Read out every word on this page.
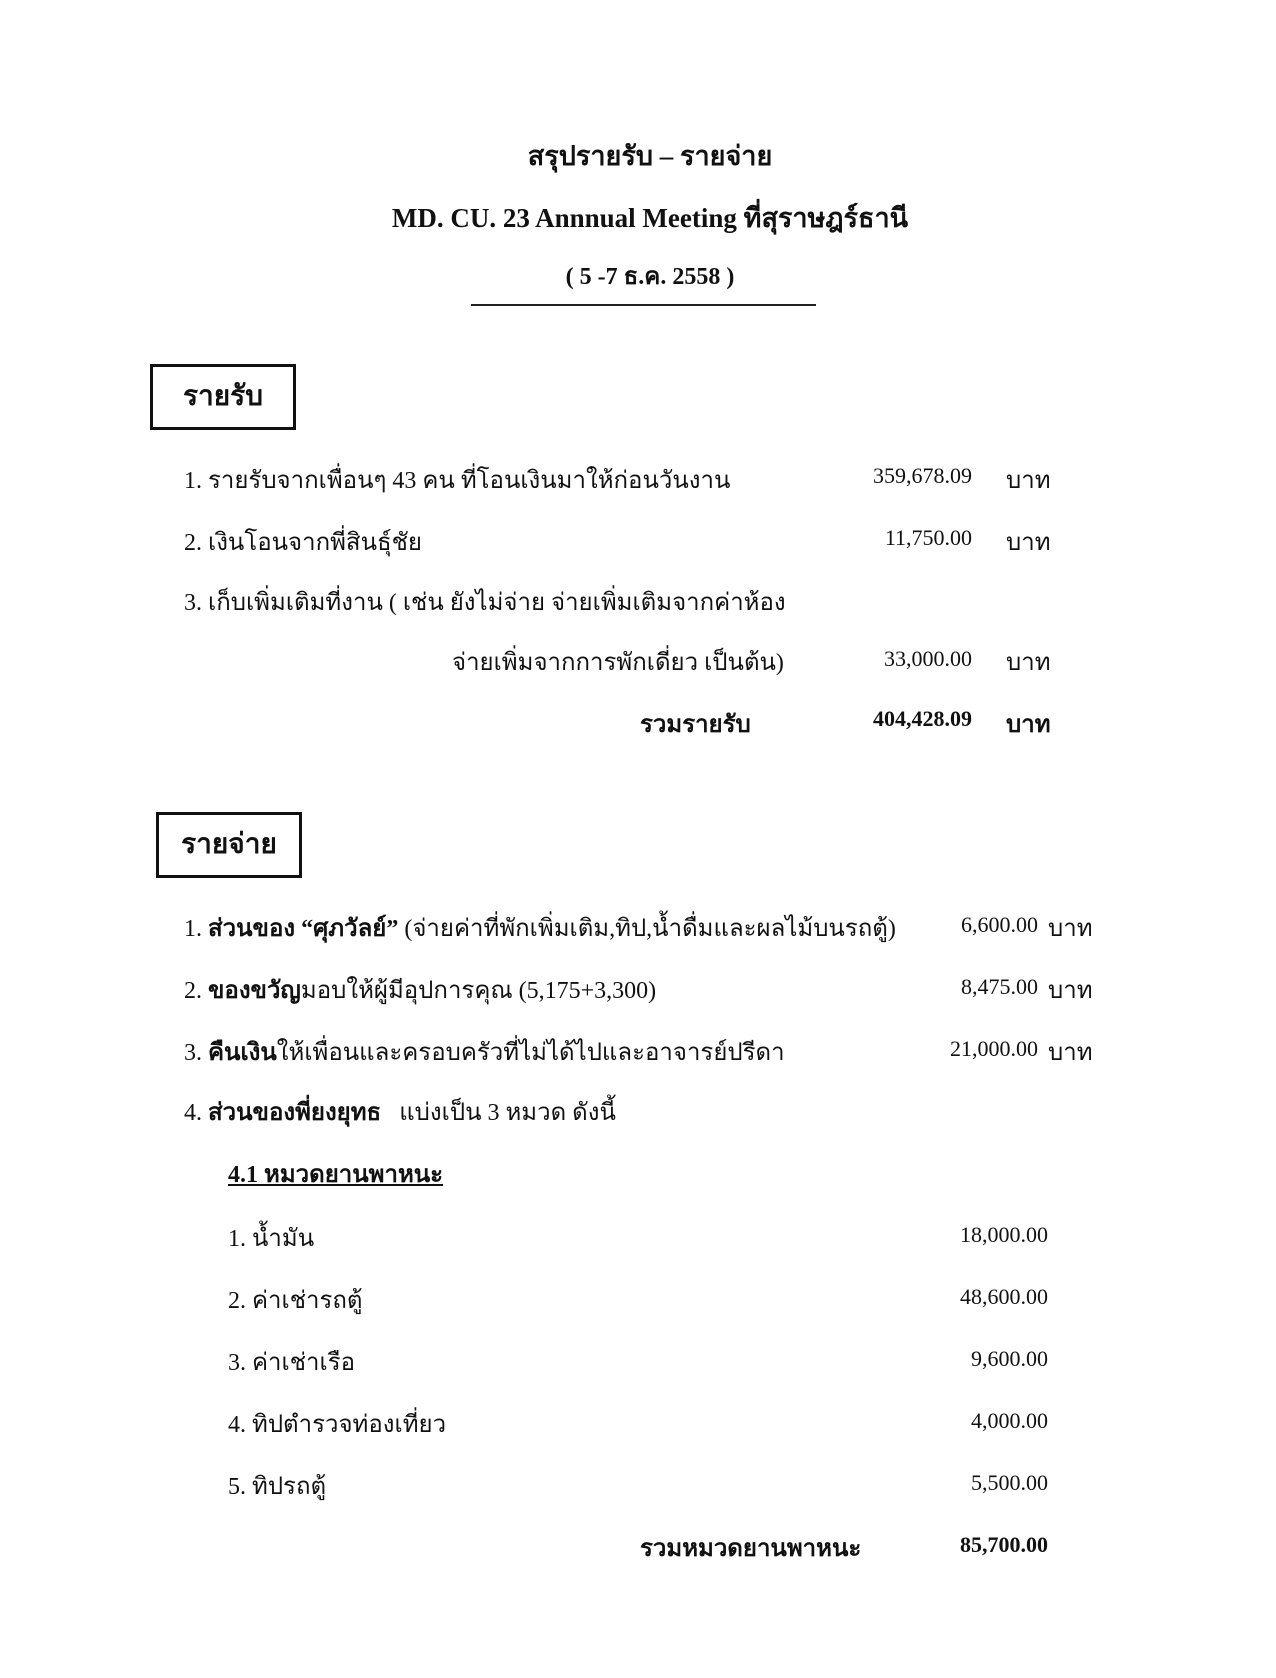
สรุปรายรับ – รายจ่าย
MD. CU. 23 Annnual Meeting ที่สุราษฎร์ธานี
( 5 -7 ธ.ค. 2558 )
รายรับ
1. รายรับจากเพื่อนๆ 43 คน ที่โอนเงินมาให้ก่อนวันงาน	359,678.09 บาท
2. เงินโอนจากพี่สินธุ์ชัย	11,750.00 บาท
3. เก็บเพิ่มเติมที่งาน ( เช่น ยังไม่จ่าย จ่ายเพิ่มเติมจากค่าห้อง
จ่ายเพิ่มจากการพักเดี่ยว เป็นต้น)	33,000.00 บาท
รวมรายรับ	404,428.09 บาท
รายจ่าย
1. ส่วนของ “ศุภวัลย์” (จ่ายค่าที่พักเพิ่มเติม,ทิป,น้ำดื่มและผลไม้บนรถตู้)	6,600.00 บาท
2. ของขวัญมอบให้ผู้มีอุปการคุณ (5,175+3,300)	8,475.00 บาท
3. คืนเงินให้เพื่อนและครอบครัวที่ไม่ได้ไปและอาจารย์ปรีดา	21,000.00 บาท
4. ส่วนของพี่ยงยุทธ   แบ่งเป็น 3 หมวด ดังนี้
4.1 หมวดยานพาหนะ
1. น้ำมัน	18,000.00
2. ค่าเช่ารถตู้	48,600.00
3. ค่าเช่าเรือ	9,600.00
4. ทิปตำรวจท่องเที่ยว	4,000.00
5. ทิปรถตู้	5,500.00
รวมหมวดยานพาหนะ	85,700.00
